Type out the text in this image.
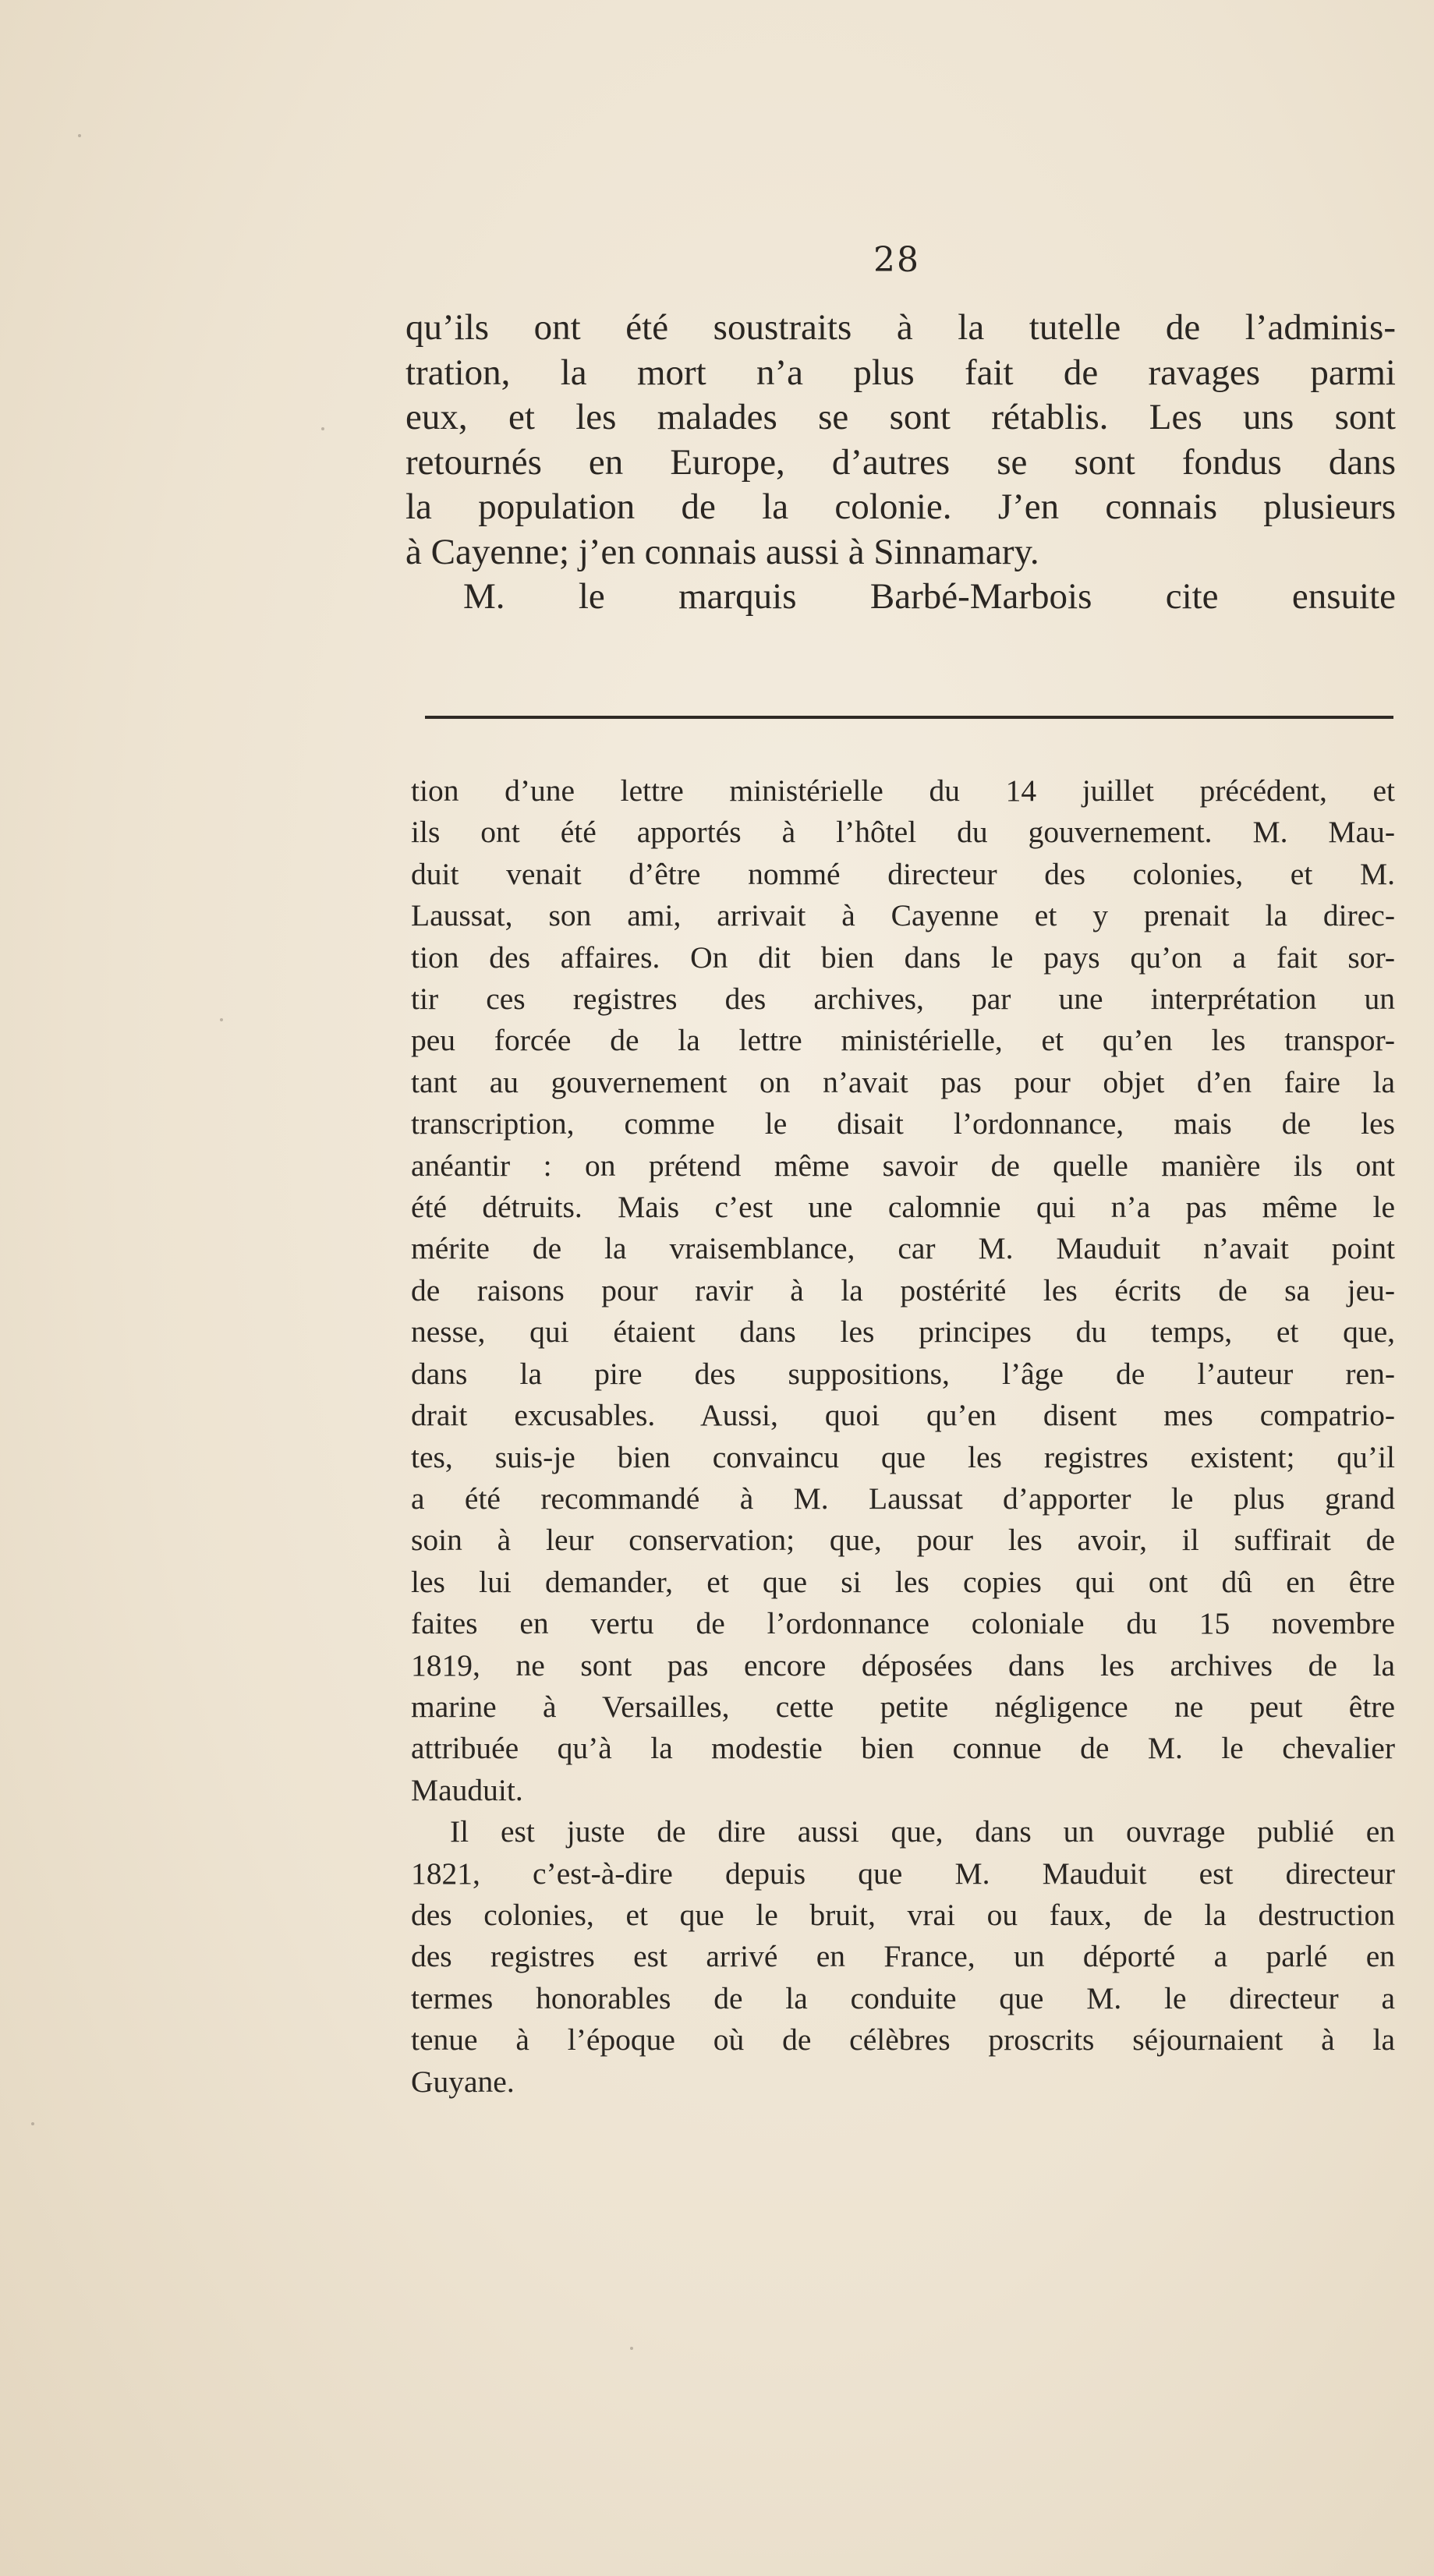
28
qu’ils ont été soustraits à la tutelle de l’adminis-
tration, la mort n’a plus fait de ravages parmi
eux, et les malades se sont rétablis. Les uns sont
retournés en Europe, d’autres se sont fondus dans
la population de la colonie. J’en connais plusieurs
à Cayenne; j’en connais aussi à Sinnamary.
M. le marquis Barbé-Marbois cite ensuite
tion d’une lettre ministérielle du 14 juillet précédent, et
ils ont été apportés à l’hôtel du gouvernement. M. Mau-
duit venait d’être nommé directeur des colonies, et M.
Laussat, son ami, arrivait à Cayenne et y prenait la direc-
tion des affaires. On dit bien dans le pays qu’on a fait sor-
tir ces registres des archives, par une interprétation un
peu forcée de la lettre ministérielle, et qu’en les transpor-
tant au gouvernement on n’avait pas pour objet d’en faire la
transcription, comme le disait l’ordonnance, mais de les
anéantir : on prétend même savoir de quelle manière ils ont
été détruits. Mais c’est une calomnie qui n’a pas même le
mérite de la vraisemblance, car M. Mauduit n’avait point
de raisons pour ravir à la postérité les écrits de sa jeu-
nesse, qui étaient dans les principes du temps, et que,
dans la pire des suppositions, l’âge de l’auteur ren-
drait excusables. Aussi, quoi qu’en disent mes compatrio-
tes, suis-je bien convaincu que les registres existent; qu’il
a été recommandé à M. Laussat d’apporter le plus grand
soin à leur conservation; que, pour les avoir, il suffirait de
les lui demander, et que si les copies qui ont dû en être
faites en vertu de l’ordonnance coloniale du 15 novembre
1819, ne sont pas encore déposées dans les archives de la
marine à Versailles, cette petite négligence ne peut être
attribuée qu’à la modestie bien connue de M. le chevalier
Mauduit.
Il est juste de dire aussi que, dans un ouvrage publié en
1821, c’est-à-dire depuis que M. Mauduit est directeur
des colonies, et que le bruit, vrai ou faux, de la destruction
des registres est arrivé en France, un déporté a parlé en
termes honorables de la conduite que M. le directeur a
tenue à l’époque où de célèbres proscrits séjournaient à la
Guyane.
